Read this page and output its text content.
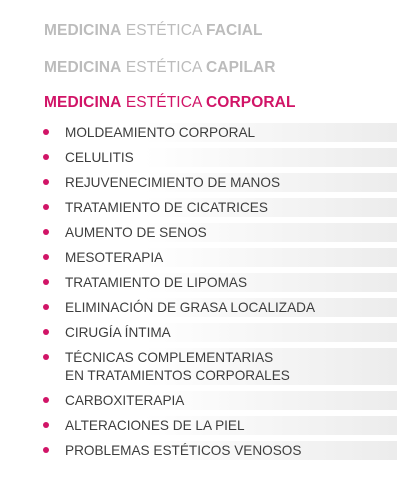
MEDICINA ESTÉTICA FACIAL
MEDICINA ESTÉTICA CAPILAR
MEDICINA ESTÉTICA CORPORAL
MOLDEAMIENTO CORPORAL
CELULITIS
REJUVENECIMIENTO DE MANOS
TRATAMIENTO DE CICATRICES
AUMENTO DE SENOS
MESOTERAPIA
TRATAMIENTO DE LIPOMAS
ELIMINACIÓN DE GRASA LOCALIZADA
CIRUGÍA ÍNTIMA
TÉCNICAS COMPLEMENTARIAS
EN TRATAMIENTOS CORPORALES
CARBOXITERAPIA
ALTERACIONES DE LA PIEL
PROBLEMAS ESTÉTICOS VENOSOS
